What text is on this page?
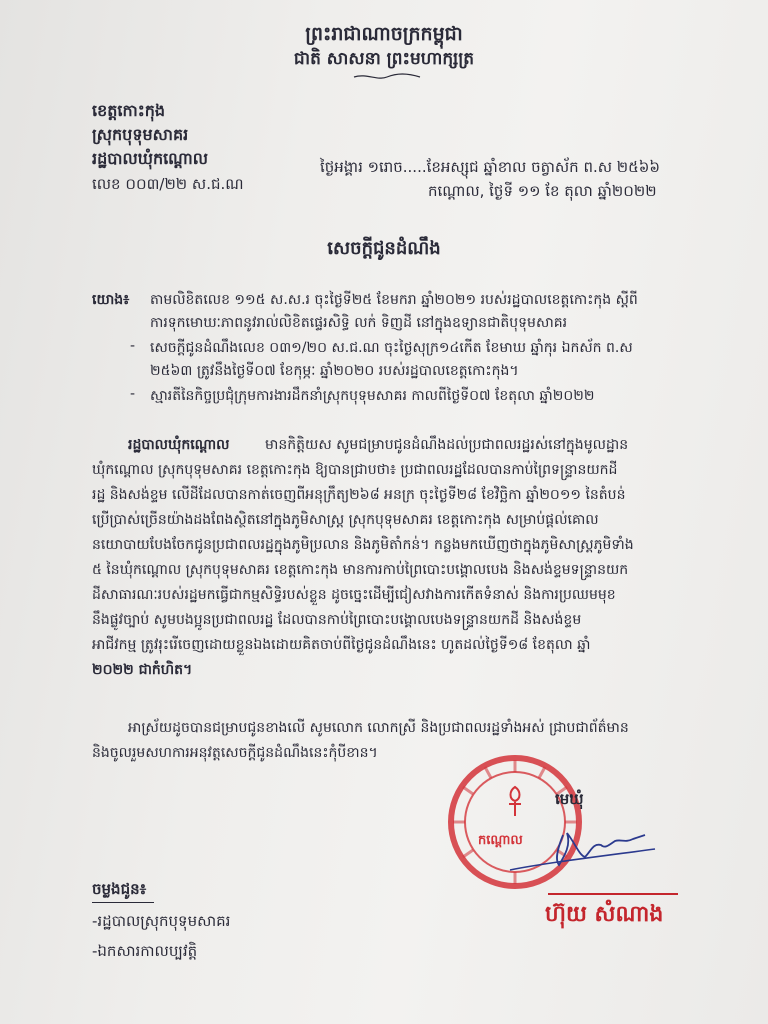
ព្រះរាជាណាចក្រកម្ពុជា
ជាតិ សាសនា ព្រះមហាក្សត្រ
ខេត្តកោះកុង
ស្រុកបុទុមសាគរ
រដ្ឋបាលឃុំកណ្ដោល
លេខ ០០៣/២២ ស.ជ.ណ
ថ្ងៃអង្គារ ១រោច.....ខែអស្សុជ ឆ្នាំខាល ចត្វាស័ក ព.ស ២៥៦៦
កណ្ដោល, ថ្ងៃទី ១១ ខែ តុលា ឆ្នាំ២០២២
សេចក្ដីជូនដំណឹង
យោង៖ តាមលិខិតលេខ ១១៥ ស.ស.រ ចុះថ្ងៃទី២៥ ខែមករា ឆ្នាំ២០២១ របស់រដ្ឋបាលខេត្តកោះកុង ស្ដីពី
ការទុកមោឃៈភាពនូវរាល់លិខិតផ្ទេរសិទ្ធិ លក់ ទិញដី នៅក្នុងឧទ្យានជាតិបុទុមសាគរ
- សេចក្ដីជូនដំណឹងលេខ ០៣១/២០ ស.ជ.ណ ចុះថ្ងៃសុក្រ១៤កើត ខែមាឃ ឆ្នាំកុរ ឯកស័ក ព.ស
២៥៦៣ ត្រូវនឹងថ្ងៃទី០៧ ខែកុម្ភៈ ឆ្នាំ២០២០ របស់រដ្ឋបាលខេត្តកោះកុង។
- ស្មារតីនៃកិច្ចប្រជុំក្រុមការងារដឹកនាំស្រុកបុទុមសាគរ កាលពីថ្ងៃទី០៧ ខែតុលា ឆ្នាំ២០២២
រដ្ឋបាលឃុំកណ្ដោល	មានកិត្តិយស សូមជម្រាបជូនដំណឹងដល់ប្រជាពលរដ្ឋរស់នៅក្នុងមូលដ្ឋាន
ឃុំកណ្ដោល ស្រុកបុទុមសាគរ ខេត្តកោះកុង ឱ្យបានជ្រាបថា៖ ប្រជាពលរដ្ឋដែលបានកាប់ព្រៃទន្ទ្រានយកដី
រដ្ឋ និងសង់ខ្ទម លើដីដែលបានកាត់ចេញពីអនុក្រឹត្យ២៦៨ អនក្រ ចុះថ្ងៃទី២៨ ខែវិច្ឆិកា ឆ្នាំ២០១១ នៃតំបន់
ប្រើប្រាស់ច្រើនយ៉ាងដងពែងស្ថិតនៅក្នុងភូមិសាស្ត្រ ស្រុកបុទុមសាគរ ខេត្តកោះកុង សម្រាប់ផ្ដល់គោល
នយោបាយបែងចែកជូនប្រជាពលរដ្ឋក្នុងភូមិប្រលាន និងភូមិតាំកន់។ កន្លងមកឃើញថាក្នុងភូមិសាស្ត្រភូមិទាំង
៥ នៃឃុំកណ្ដោល ស្រុកបុទុមសាគរ ខេត្តកោះកុង មានការកាប់ព្រៃបោះបង្គោលបេង និងសង់ខ្ទមទន្ទ្រានយក
ដីសាធារណៈរបស់រដ្ឋមកធ្វើជាកម្មសិទ្ធិរបស់ខ្លួន ដូចច្នេះដើម្បីជៀសវាងការកើតទំនាស់ និងការប្រឈមមុខ
នឹងផ្លូវច្បាប់ សូមបងប្អូនប្រជាពលរដ្ឋ ដែលបានកាប់ព្រៃបោះបង្គោលបេងទន្ទ្រានយកដី និងសង់ខ្ទម
អាជីវកម្ម ត្រូវរុះរើចេញដោយខ្លួនឯងដោយគិតចាប់ពីថ្ងៃជូនដំណឹងនេះ ហូតដល់ថ្ងៃទី១៨ ខែតុលា ឆ្នាំ
២០២២ ជាកំហិត។
អាស្រ័យដូចបានជម្រាបជូនខាងលើ សូមលោក លោកស្រី និងប្រជាពលរដ្ឋទាំងអស់ ជ្រាបជាព័ត៌មាន
និងចូលរួមសហការអនុវត្តសេចក្ដីជូនដំណឹងនេះកុំបីខាន។
កណ្ដោល
មេឃុំ
ហ៊ុយ សំណាង
ចម្លងជូន៖
-រដ្ឋបាលស្រុកបុទុមសាគរ
-ឯកសារកាលប្បវត្តិ
